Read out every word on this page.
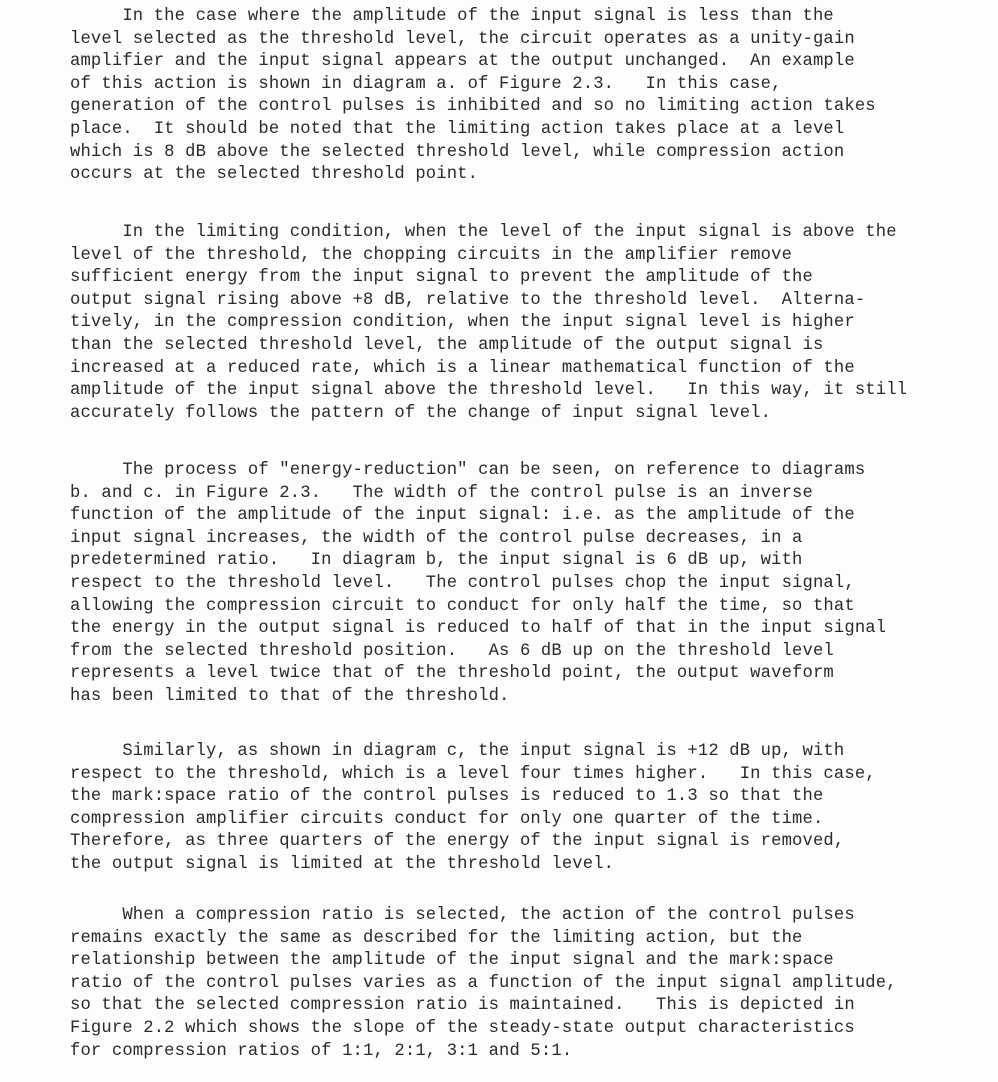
In the case where the amplitude of the input signal is less than the
level selected as the threshold level, the circuit operates as a unity-gain
amplifier and the input signal appears at the output unchanged.  An example
of this action is shown in diagram a. of Figure 2.3.   In this case,
generation of the control pulses is inhibited and so no limiting action takes
place.  It should be noted that the limiting action takes place at a level
which is 8 dB above the selected threshold level, while compression action
occurs at the selected threshold point.
In the limiting condition, when the level of the input signal is above the
level of the threshold, the chopping circuits in the amplifier remove
sufficient energy from the input signal to prevent the amplitude of the
output signal rising above +8 dB, relative to the threshold level.  Alterna-
tively, in the compression condition, when the input signal level is higher
than the selected threshold level, the amplitude of the output signal is
increased at a reduced rate, which is a linear mathematical function of the
amplitude of the input signal above the threshold level.   In this way, it still
accurately follows the pattern of the change of input signal level.
The process of "energy-reduction" can be seen, on reference to diagrams
b. and c. in Figure 2.3.   The width of the control pulse is an inverse
function of the amplitude of the input signal: i.e. as the amplitude of the
input signal increases, the width of the control pulse decreases, in a
predetermined ratio.   In diagram b, the input signal is 6 dB up, with
respect to the threshold level.   The control pulses chop the input signal,
allowing the compression circuit to conduct for only half the time, so that
the energy in the output signal is reduced to half of that in the input signal
from the selected threshold position.   As 6 dB up on the threshold level
represents a level twice that of the threshold point, the output waveform
has been limited to that of the threshold.
Similarly, as shown in diagram c, the input signal is +12 dB up, with
respect to the threshold, which is a level four times higher.   In this case,
the mark:space ratio of the control pulses is reduced to 1.3 so that the
compression amplifier circuits conduct for only one quarter of the time.
Therefore, as three quarters of the energy of the input signal is removed,
the output signal is limited at the threshold level.
When a compression ratio is selected, the action of the control pulses
remains exactly the same as described for the limiting action, but the
relationship between the amplitude of the input signal and the mark:space
ratio of the control pulses varies as a function of the input signal amplitude,
so that the selected compression ratio is maintained.   This is depicted in
Figure 2.2 which shows the slope of the steady-state output characteristics
for compression ratios of 1:1, 2:1, 3:1 and 5:1.
